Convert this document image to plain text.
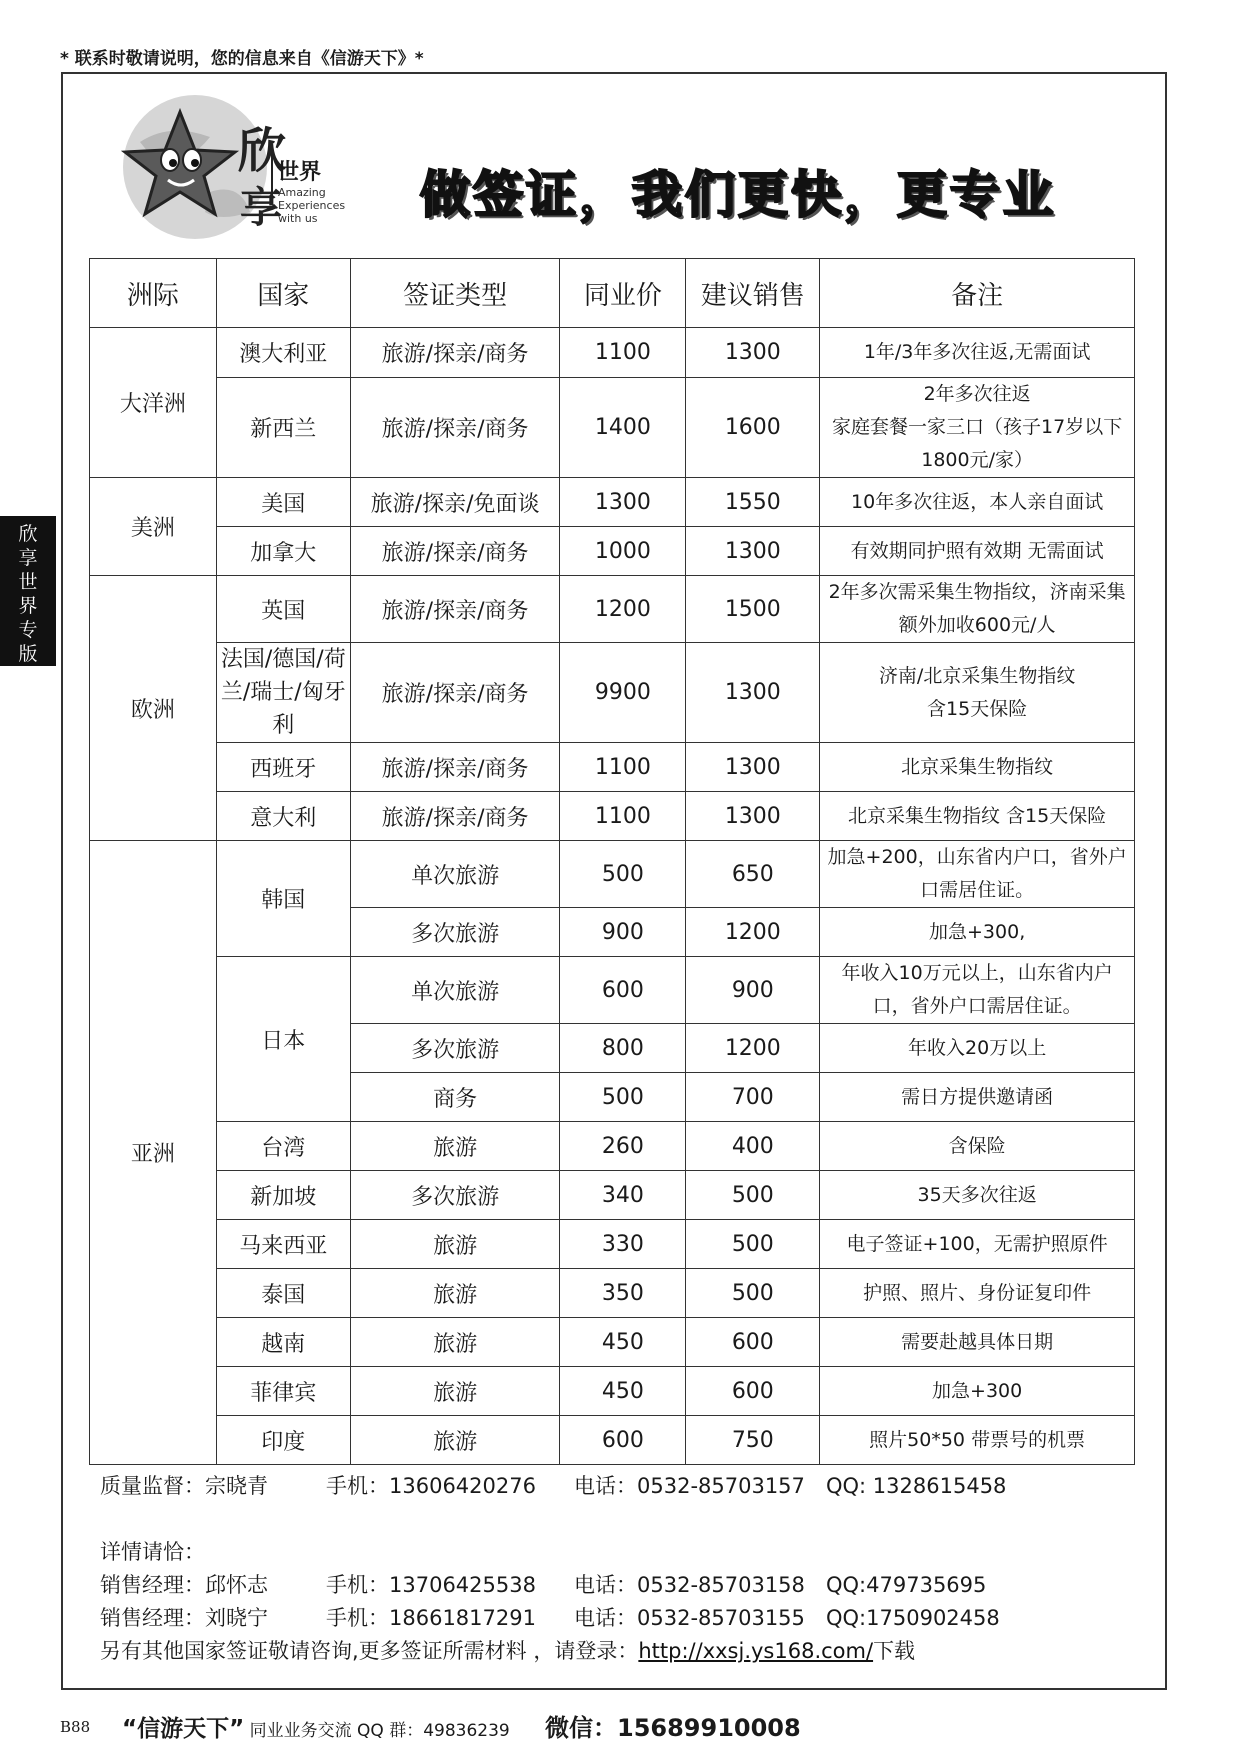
* 联系时敬请说明，您的信息来自《信游天下》*
欣
享
世界
Amazing
Experiences
with us	做签证，我们更快，更专业
欣
享
世
界
专
版
洲际	国家	签证类型	同业价	建议销售	备注
大洋洲	澳大利亚	旅游/探亲/商务	1100	1300	1年/3年多次往返,无需面试
	新西兰	旅游/探亲/商务	1400	1600	2年多次往返
家庭套餐一家三口（孩子17岁以下1800元/家）
美洲	美国	旅游/探亲/免面谈	1300	1550	10年多次往返，本人亲自面试
	加拿大	旅游/探亲/商务	1000	1300	有效期同护照有效期 无需面试
欧洲	英国	旅游/探亲/商务	1200	1500	2年多次需采集生物指纹，济南采集额外加收600元/人
	法国/德国/荷兰/瑞士/匈牙利	旅游/探亲/商务	9900	1300	济南/北京采集生物指纹
含15天保险
	西班牙	旅游/探亲/商务	1100	1300	北京采集生物指纹
	意大利	旅游/探亲/商务	1100	1300	北京采集生物指纹 含15天保险
亚洲	韩国	单次旅游	500	650	加急+200，山东省内户口，省外户口需居住证。
		多次旅游	900	1200	加急+300,
	日本	单次旅游	600	900	年收入10万元以上，山东省内户口，省外户口需居住证。
		多次旅游	800	1200	年收入20万以上
		商务	500	700	需日方提供邀请函
	台湾	旅游	260	400	含保险
	新加坡	多次旅游	340	500	35天多次往返
	马来西亚	旅游	330	500	电子签证+100，无需护照原件
	泰国	旅游	350	500	护照、照片、身份证复印件
	越南	旅游	450	600	需要赴越具体日期
	菲律宾	旅游	450	600	加急+300
	印度	旅游	600	750	照片50*50 带票号的机票
质量监督：宗晓青	手机：13606420276 电话：0532-85703157 QQ: 1328615458
详情请恰：
销售经理：邱怀志	手机：13706425538 电话：0532-85703158 QQ:479735695
销售经理：刘晓宁	手机：18661817291 电话：0532-85703155 QQ:1750902458
另有其他国家签证敬请咨询,更多签证所需材料 ，请登录：http://xxsj.ys168.com/下载
B88 “信游天下” 同业业务交流 QQ 群：49836239 微信：15689910008
